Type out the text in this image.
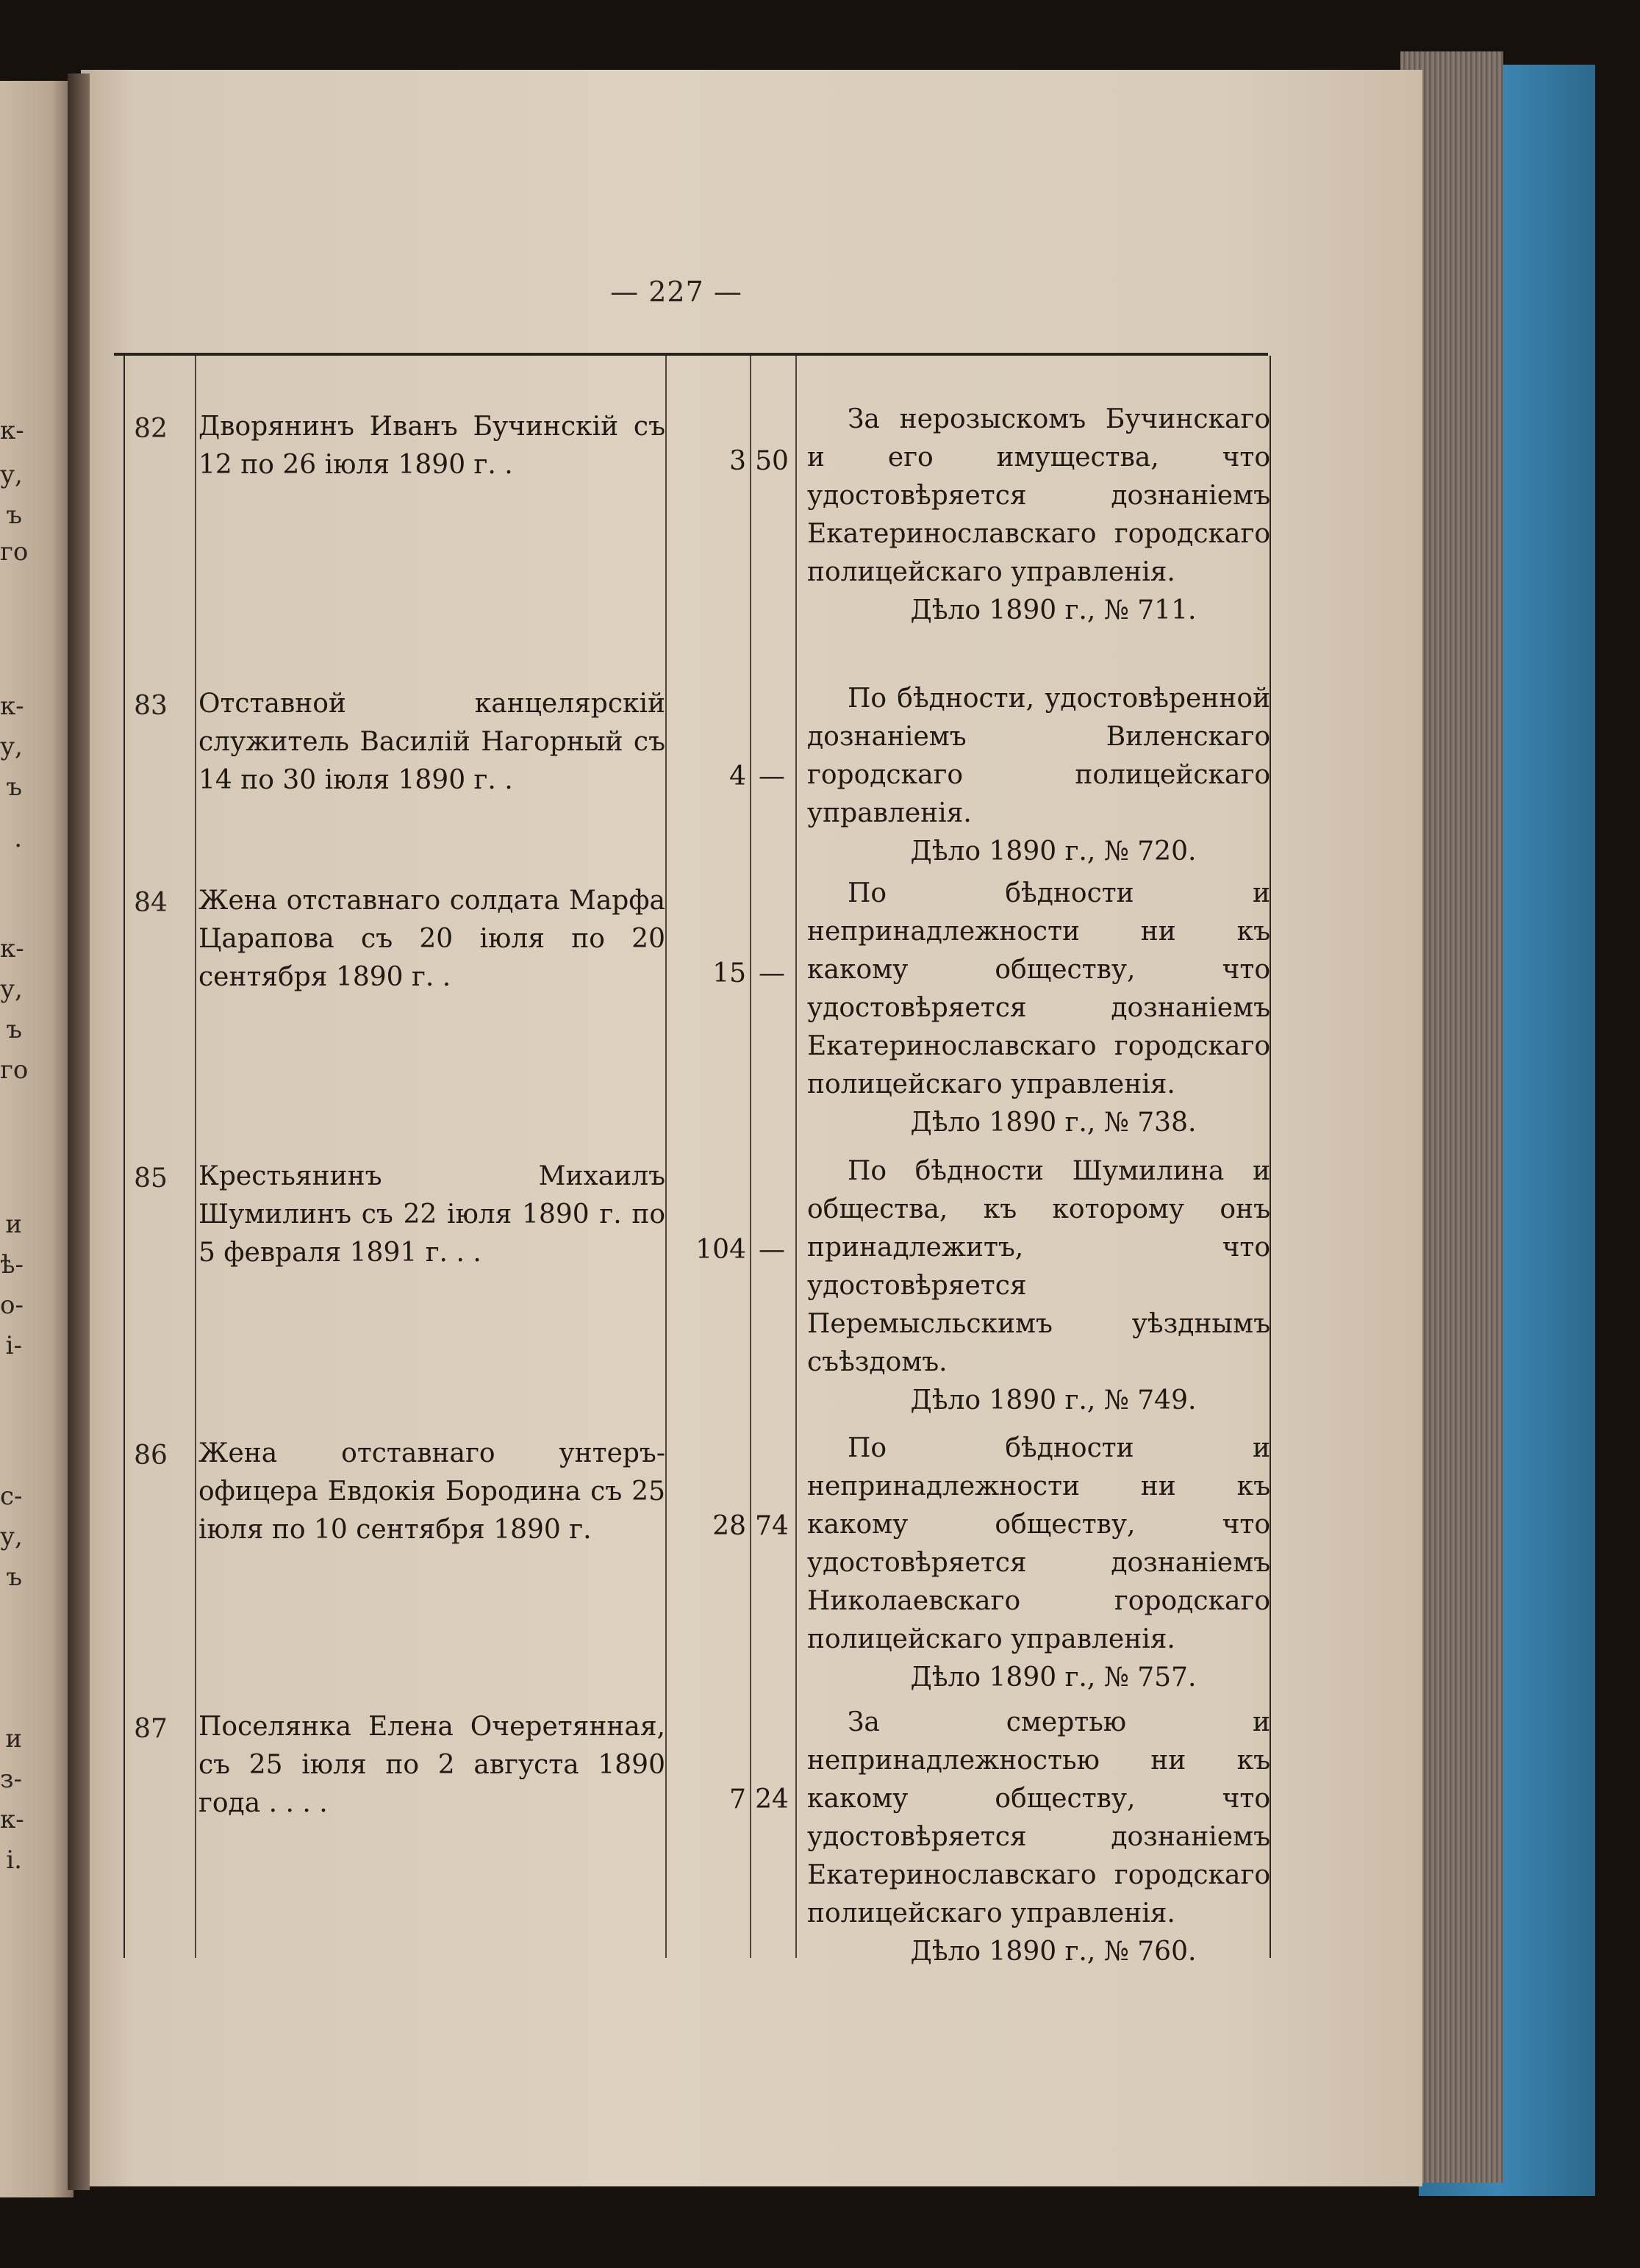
к-
у,
ъ
го
к-
у,
ъ
.
к-
у,
ъ
го
и
ѣ-
о-
і-
с-
у,
ъ
и
з-
к-
і.
— 227 —
82	Дворянинъ Иванъ Бучинскій съ 12 по 26 іюля 1890 г. .	3 50

За нерозыскомъ Бучинскаго и его имущества, что удостовѣряется дознаніемъ Екатеринославскаго городскаго полицейскаго управленія.

Дѣло 1890 г., № 711.

83	Отставной канцелярскій служитель Василій Нагорный съ 14 по 30 іюля 1890 г. .	4 —

По бѣдности, удостовѣренной дознаніемъ Виленскаго городскаго полицейскаго управленія.

Дѣло 1890 г., № 720.

84	Жена отставнаго солдата Марфа Царапова съ 20 іюля по 20 сентября 1890 г. .	15 —

По бѣдности и непринадлежности ни къ какому обществу, что удостовѣряется дознаніемъ Екатеринославскаго городскаго полицейскаго управленія.

Дѣло 1890 г., № 738.

85	Крестьянинъ Михаилъ Шумилинъ съ 22 іюля 1890 г. по 5 февраля 1891 г. . .	104 —

По бѣдности Шумилина и общества, къ которому онъ принадлежитъ, что удостовѣряется Перемысльскимъ уѣзднымъ съѣздомъ.

Дѣло 1890 г., № 749.

86	Жена отставнаго унтеръ-офицера Евдокія Бородина съ 25 іюля по 10 сентября 1890 г.	28 74

По бѣдности и непринадлежности ни къ какому обществу, что удостовѣряется дознаніемъ Николаевскаго городскаго полицейскаго управленія.

Дѣло 1890 г., № 757.

87	Поселянка Елена Очеретянная, съ 25 іюля по 2 августа 1890 года . . . .	7 24

За смертью и непринадлежностью ни къ какому обществу, что удостовѣряется дознаніемъ Екатеринославскаго городскаго полицейскаго управленія.

Дѣло 1890 г., № 760.
